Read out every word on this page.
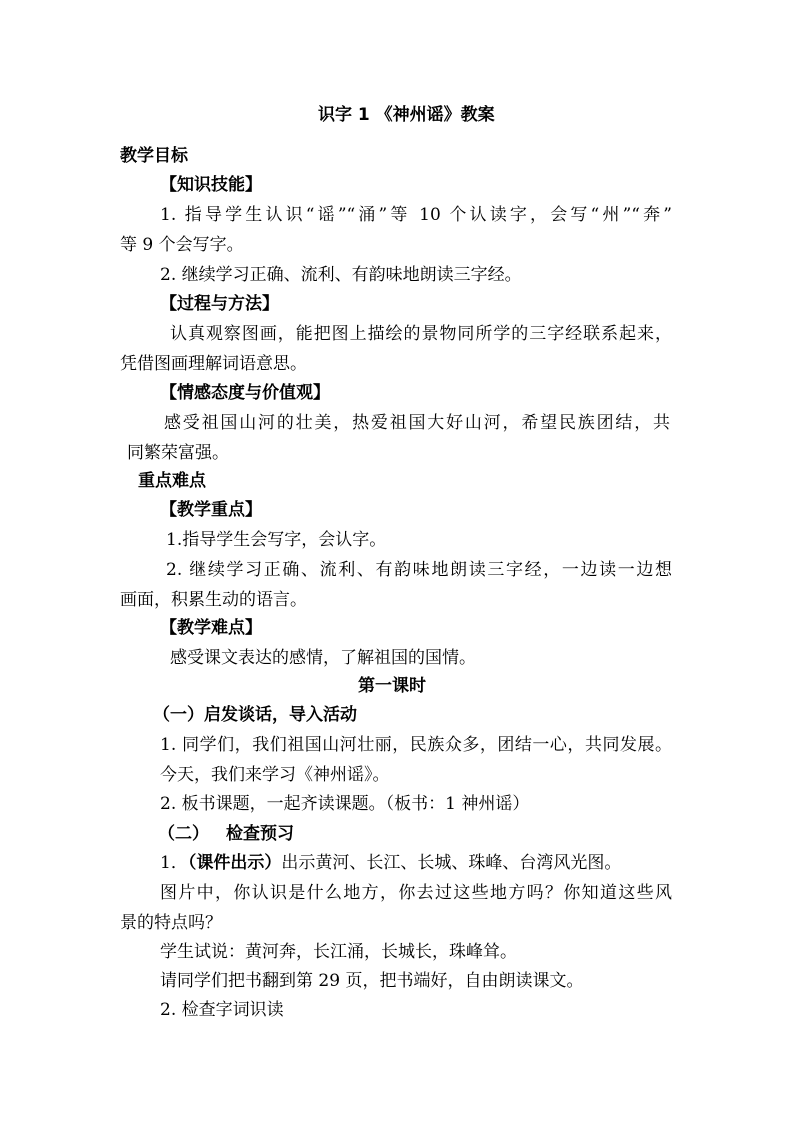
识字 1 《神州谣》教案
教学目标
【知识技能】
1. 指导学生认识“谣”“涌”等 10 个认读字，会写“州”“奔”
等 9 个会写字。
2. 继续学习正确、流利、有韵味地朗读三字经。
【过程与方法】
认真观察图画，能把图上描绘的景物同所学的三字经联系起来，
凭借图画理解词语意思。
【情感态度与价值观】
感受祖国山河的壮美，热爱祖国大好山河，希望民族团结，共
同繁荣富强。
重点难点
【教学重点】
1.指导学生会写字，会认字。
2. 继续学习正确、流利、有韵味地朗读三字经，一边读一边想
画面，积累生动的语言。
【教学难点】
感受课文表达的感情，了解祖国的国情。
第一课时
（一）启发谈话，导入活动
1. 同学们，我们祖国山河壮丽，民族众多，团结一心，共同发展。
今天，我们来学习《神州谣》。
2. 板书课题，一起齐读课题。（板书：1 神州谣）
（二） 检查预习
1．（课件出示）出示黄河、长江、长城、珠峰、台湾风光图。
图片中，你认识是什么地方，你去过这些地方吗？你知道这些风
景的特点吗？
学生试说：黄河奔，长江涌，长城长，珠峰耸。
请同学们把书翻到第 29 页，把书端好，自由朗读课文。
2. 检查字词识读
